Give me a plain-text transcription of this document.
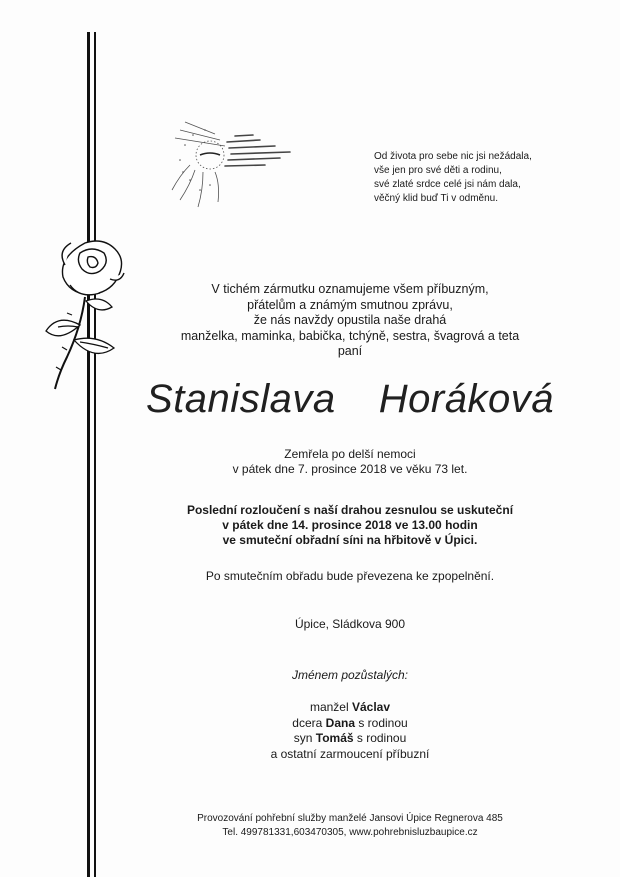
Od života pro sebe nic jsi nežádala,
vše jen pro své děti a rodinu,
své zlaté srdce celé jsi nám dala,
věčný klid buď Ti v odměnu.
V tichém zármutku oznamujeme všem příbuzným,
přátelům a známým smutnou zprávu,
že nás navždy opustila naše drahá
manželka, maminka, babička, tchýně, sestra, švagrová a teta
paní
Stanislava  Horáková
Zemřela po delší nemoci
v pátek dne 7. prosince 2018 ve věku 73 let.
Poslední rozloučení s naší drahou zesnulou se uskuteční
v pátek dne 14. prosince 2018 ve 13.00 hodin
ve smuteční obřadní síni na hřbitově v Úpici.
Po smutečním obřadu bude převezena ke zpopelnění.
Úpice, Sládkova 900
Jménem pozůstalých:
manžel Václav
dcera Dana s rodinou
syn Tomáš s rodinou
a ostatní zarmoucení příbuzní
Provozování pohřební služby manželé Jansovi Úpice Regnerova 485
Tel. 499781331,603470305, www.pohrebnisluzbaupice.cz
